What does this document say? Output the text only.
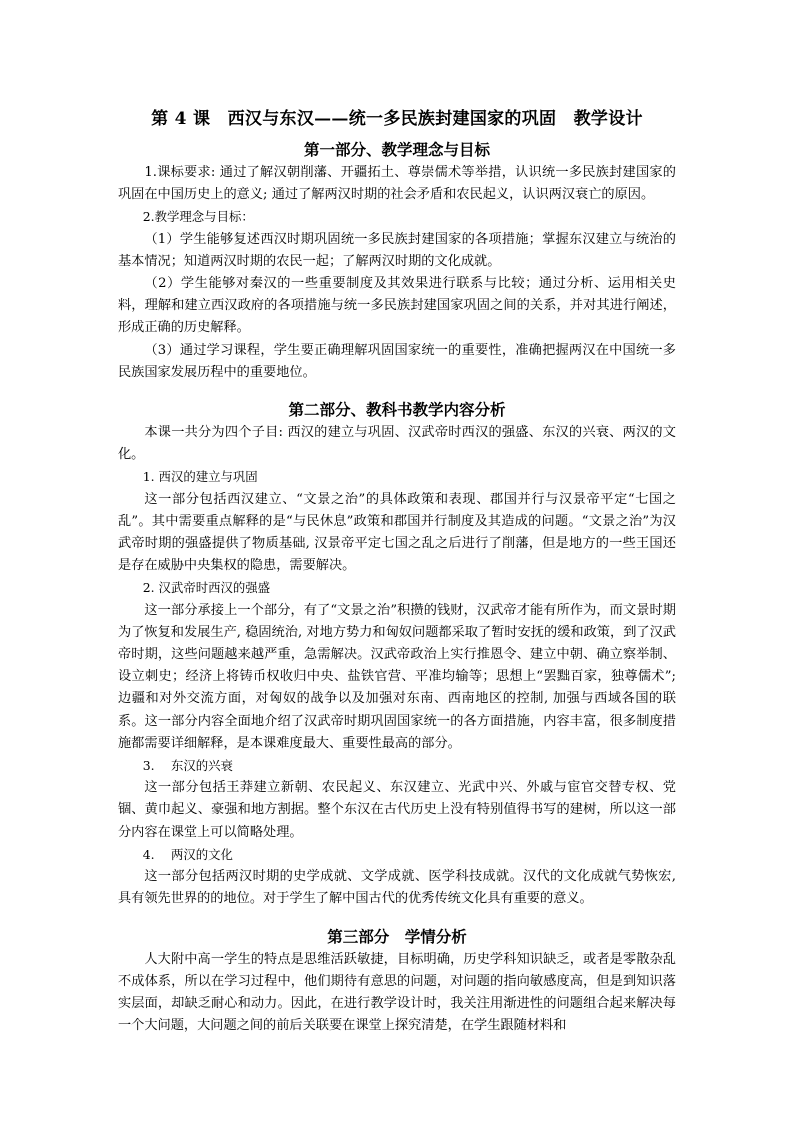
第 4 课　西汉与东汉——统一多民族封建国家的巩固　教学设计
第一部分、教学理念与目标

1.课标要求: 通过了解汉朝削藩、开疆拓土、尊崇儒术等举措，认识统一多民族封建国家的巩固在中国历史上的意义; 通过了解两汉时期的社会矛盾和农民起义，认识两汉衰亡的原因。

2.教学理念与目标：

（1）学生能够复述西汉时期巩固统一多民族封建国家的各项措施；掌握东汉建立与统治的基本情况；知道两汉时期的农民一起；了解两汉时期的文化成就。

（2）学生能够对秦汉的一些重要制度及其效果进行联系与比较；通过分析、运用相关史料，理解和建立西汉政府的各项措施与统一多民族封建国家巩固之间的关系，并对其进行阐述，形成正确的历史解释。

（3）通过学习课程，学生要正确理解巩固国家统一的重要性，准确把握两汉在中国统一多民族国家发展历程中的重要地位。

第二部分、教科书教学内容分析

本课一共分为四个子目: 西汉的建立与巩固、汉武帝时西汉的强盛、东汉的兴衰、两汉的文化。

1. 西汉的建立与巩固

这一部分包括西汉建立、“文景之治”的具体政策和表现、郡国并行与汉景帝平定“七国之乱”。其中需要重点解释的是“与民休息”政策和郡国并行制度及其造成的问题。“文景之治”为汉武帝时期的强盛提供了物质基础, 汉景帝平定七国之乱之后进行了削藩，但是地方的一些王国还是存在威胁中央集权的隐患，需要解决。

2. 汉武帝时西汉的强盛

这一部分承接上一个部分，有了“文景之治”积攒的钱财，汉武帝才能有所作为，而文景时期为了恢复和发展生产, 稳固统治, 对地方势力和匈奴问题都采取了暂时安抚的缓和政策，到了汉武帝时期，这些问题越来越严重，急需解决。汉武帝政治上实行推恩令、建立中朝、确立察举制、设立刺史；经济上将铸币权收归中央、盐铁官营、平准均输等；思想上“罢黜百家，独尊儒术”; 边疆和对外交流方面，对匈奴的战争以及加强对东南、西南地区的控制, 加强与西域各国的联系。这一部分内容全面地介绍了汉武帝时期巩固国家统一的各方面措施，内容丰富，很多制度措施都需要详细解释，是本课难度最大、重要性最高的部分。

3.　 东汉的兴衰

这一部分包括王莽建立新朝、农民起义、东汉建立、光武中兴、外戚与宦官交替专权、党锢、黄巾起义、豪强和地方割据。整个东汉在古代历史上没有特别值得书写的建树，所以这一部分内容在课堂上可以简略处理。

4.　 两汉的文化

这一部分包括两汉时期的史学成就、文学成就、医学科技成就。汉代的文化成就气势恢宏, 具有领先世界的的地位。对于学生了解中国古代的优秀传统文化具有重要的意义。

第三部分　学情分析

人大附中高一学生的特点是思维活跃敏捷，目标明确，历史学科知识缺乏，或者是零散杂乱不成体系，所以在学习过程中，他们期待有意思的问题，对问题的指向敏感度高，但是到知识落实层面，却缺乏耐心和动力。因此，在进行教学设计时，我关注用渐进性的问题组合起来解决每一个大问题，大问题之间的前后关联要在课堂上探究清楚，在学生跟随材料和
